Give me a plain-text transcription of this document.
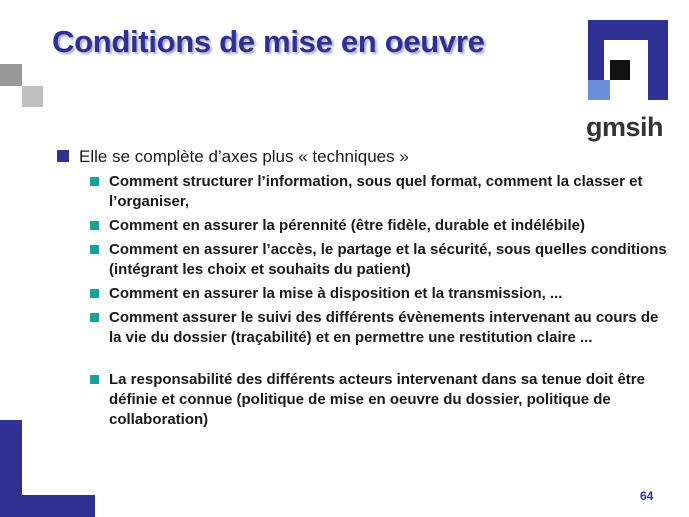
Conditions de mise en oeuvre
gmsih
Elle se complète d’axes plus « techniques »
Comment structurer l’information, sous quel format, comment la classer et l’organiser,
Comment en assurer la pérennité (être fidèle, durable et indélébile)
Comment en assurer l’accès, le partage et la sécurité, sous quelles conditions (intégrant les choix et souhaits du patient)
Comment en assurer la mise à disposition et la transmission, ...
Comment assurer le suivi des différents évènements intervenant au cours de la vie du dossier (traçabilité) et en permettre une restitution claire ...
La responsabilité des différents acteurs intervenant dans sa tenue doit être définie et connue (politique de mise en oeuvre du dossier, politique de collaboration)
64
